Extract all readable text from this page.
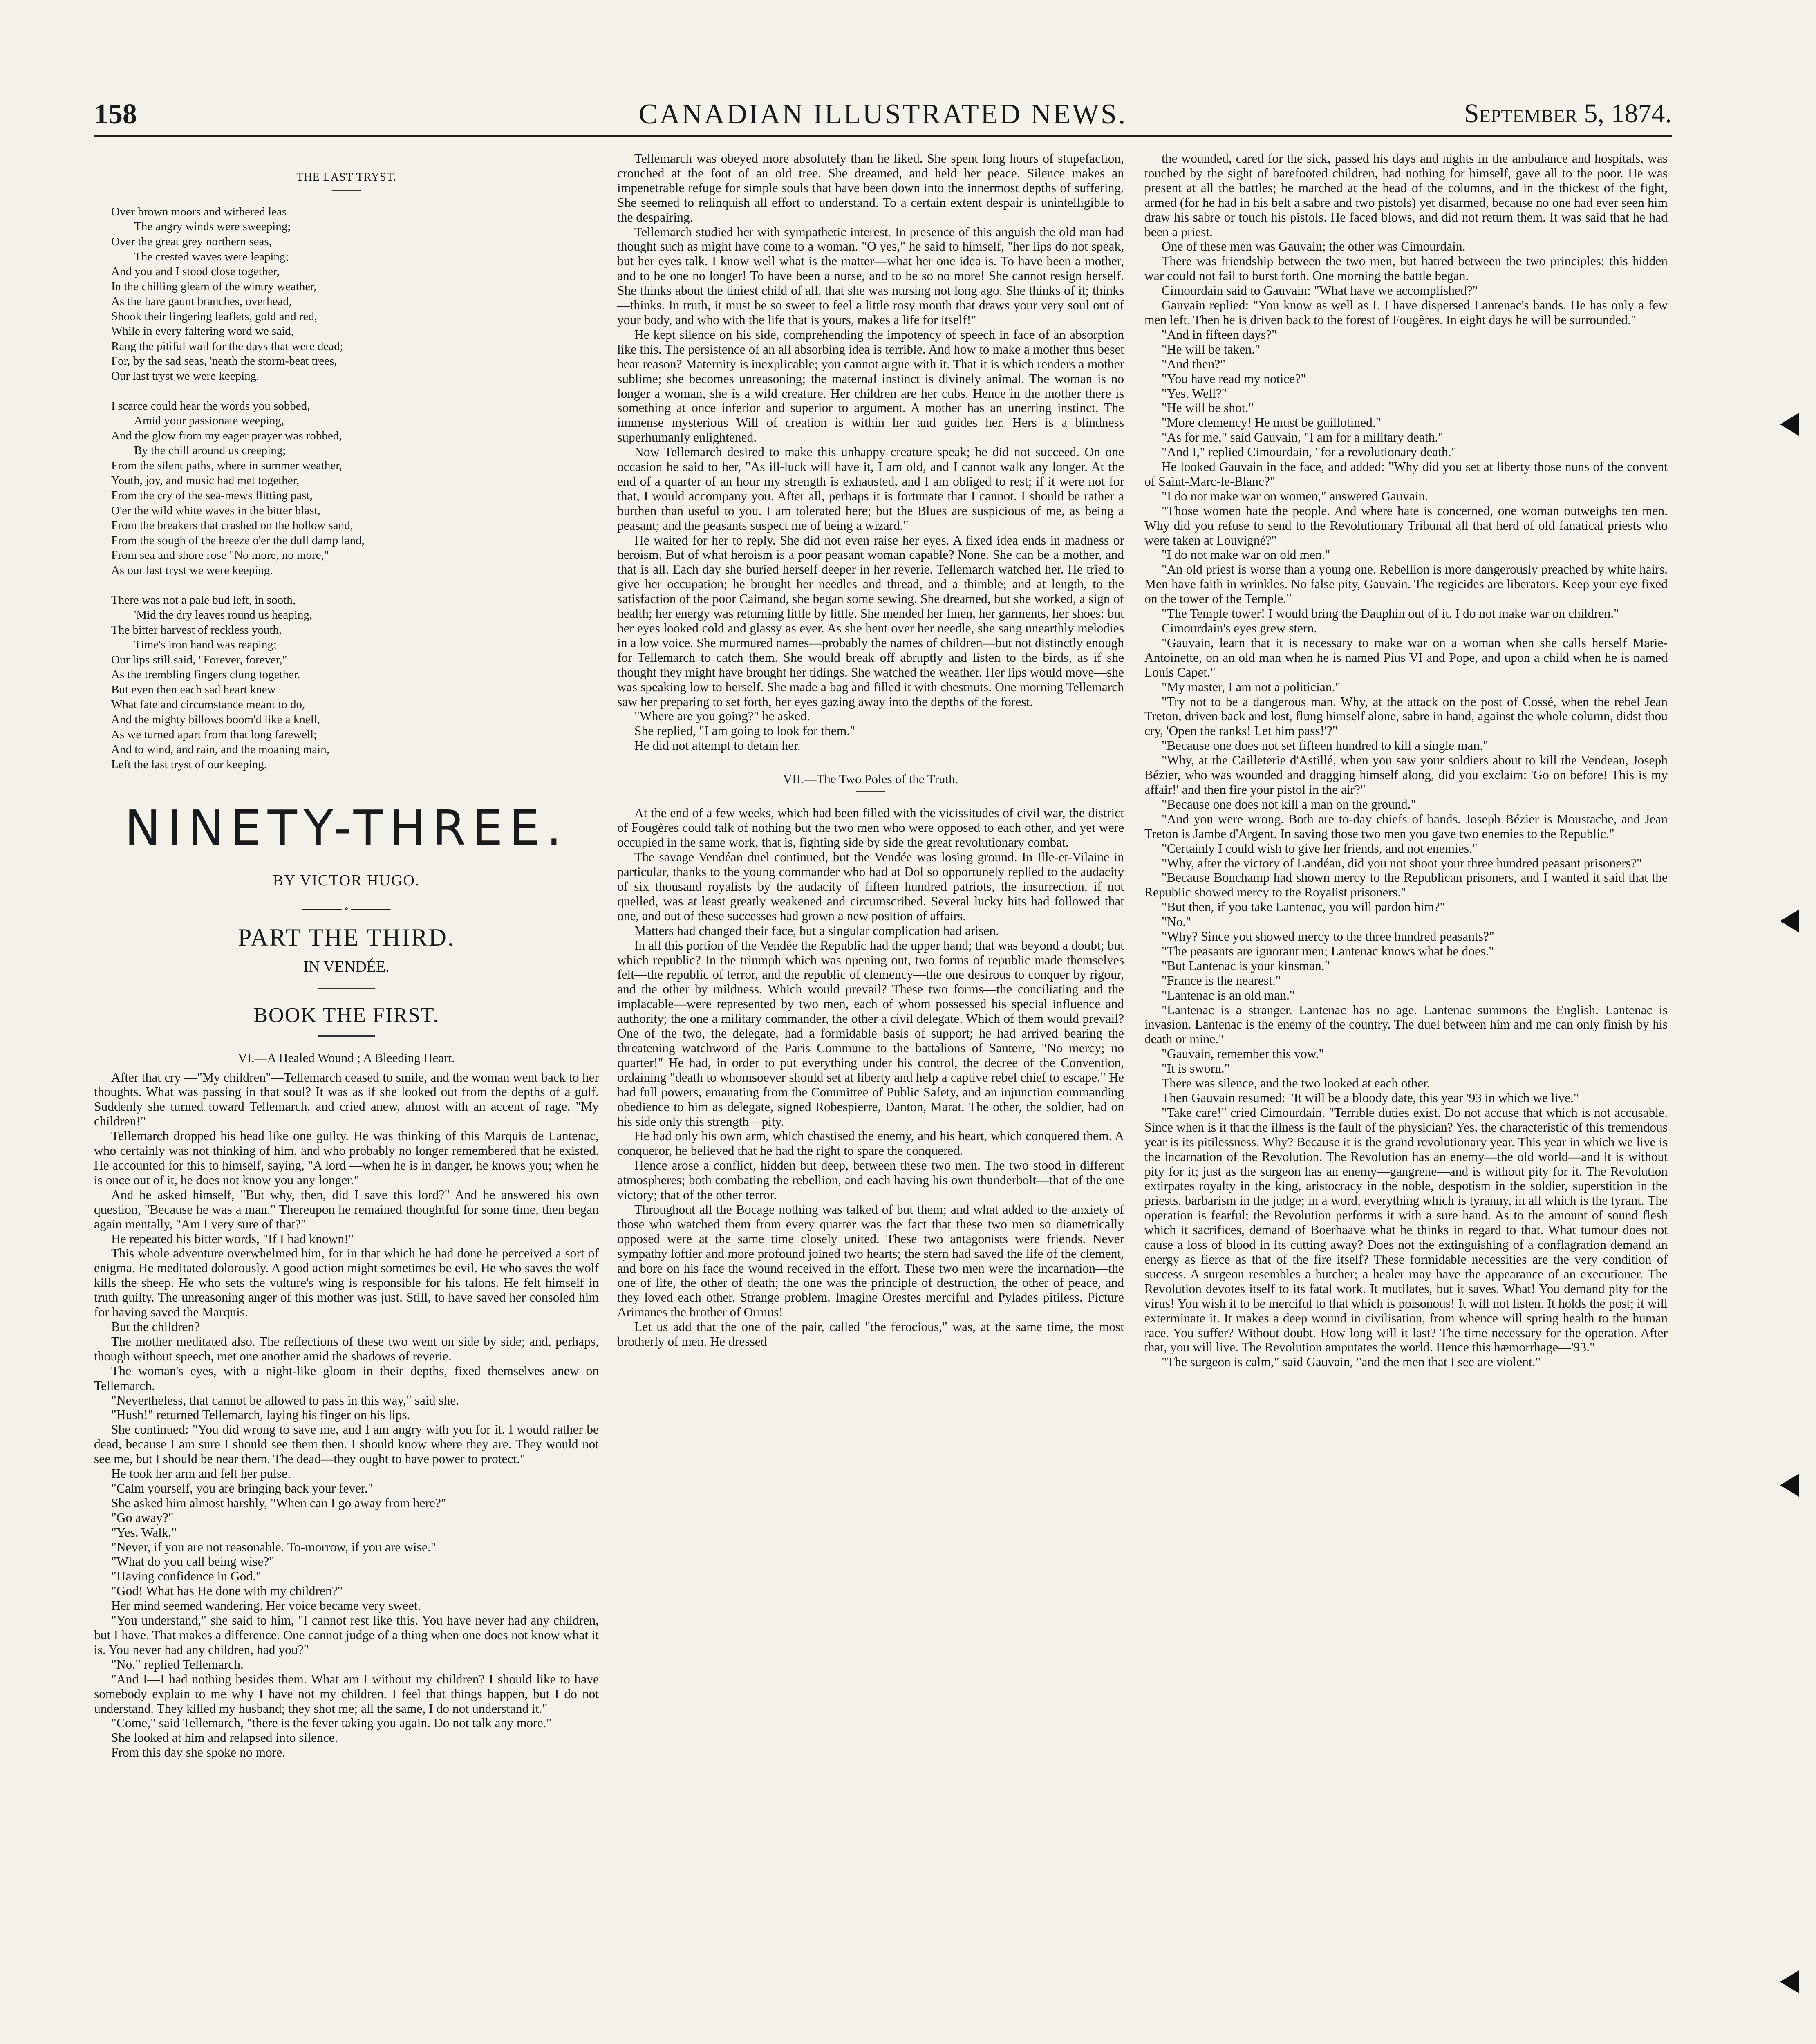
158	CANADIAN ILLUSTRATED NEWS.	September 5, 1874.
THE LAST TRYST.
Over brown moors and withered leas
The angry winds were sweeping;
Over the great grey northern seas,
The crested waves were leaping;
And you and I stood close together,
In the chilling gleam of the wintry weather,
As the bare gaunt branches, overhead,
Shook their lingering leaflets, gold and red,
While in every faltering word we said,
Rang the pitiful wail for the days that were dead;
For, by the sad seas, 'neath the storm-beat trees,
Our last tryst we were keeping.

I scarce could hear the words you sobbed,
Amid your passionate weeping,
And the glow from my eager prayer was robbed,
By the chill around us creeping;
From the silent paths, where in summer weather,
Youth, joy, and music had met together,
From the cry of the sea-mews flitting past,
O'er the wild white waves in the bitter blast,
From the breakers that crashed on the hollow sand,
From the sough of the breeze o'er the dull damp land,
From sea and shore rose "No more, no more,"
As our last tryst we were keeping.

There was not a pale bud left, in sooth,
'Mid the dry leaves round us heaping,
The bitter harvest of reckless youth,
Time's iron hand was reaping;
Our lips still said, "Forever, forever,"
As the trembling fingers clung together.
But even then each sad heart knew
What fate and circumstance meant to do,
And the mighty billows boom'd like a knell,
As we turned apart from that long farewell;
And to wind, and rain, and the moaning main,
Left the last tryst of our keeping.
NINETY-THREE.
BY VICTOR HUGO.
———— ∘ ————
PART THE THIRD.
IN VENDÉE.
BOOK THE FIRST.
VI.—A Healed Wound ; A Bleeding Heart.

After that cry —"My children"—Tellemarch ceased to smile, and the woman went back to her thoughts. What was passing in that soul? It was as if she looked out from the depths of a gulf. Suddenly she turned toward Tellemarch, and cried anew, almost with an accent of rage, "My children!"

Tellemarch dropped his head like one guilty. He was thinking of this Marquis de Lantenac, who certainly was not thinking of him, and who probably no longer remembered that he existed. He accounted for this to himself, saying, "A lord —when he is in danger, he knows you; when he is once out of it, he does not know you any longer."

And he asked himself, "But why, then, did I save this lord?" And he answered his own question, "Because he was a man." Thereupon he remained thoughtful for some time, then began again mentally, "Am I very sure of that?"

He repeated his bitter words, "If I had known!"

This whole adventure overwhelmed him, for in that which he had done he perceived a sort of enigma. He meditated dolorously. A good action might sometimes be evil. He who saves the wolf kills the sheep. He who sets the vulture's wing is responsible for his talons. He felt himself in truth guilty. The unreasoning anger of this mother was just. Still, to have saved her consoled him for having saved the Marquis.

But the children?

The mother meditated also. The reflections of these two went on side by side; and, perhaps, though without speech, met one another amid the shadows of reverie.

The woman's eyes, with a night-like gloom in their depths, fixed themselves anew on Tellemarch.

"Nevertheless, that cannot be allowed to pass in this way," said she.

"Hush!" returned Tellemarch, laying his finger on his lips.

She continued: "You did wrong to save me, and I am angry with you for it. I would rather be dead, because I am sure I should see them then. I should know where they are. They would not see me, but I should be near them. The dead—they ought to have power to protect."

He took her arm and felt her pulse.

"Calm yourself, you are bringing back your fever."

She asked him almost harshly, "When can I go away from here?"

"Go away?"

"Yes. Walk."

"Never, if you are not reasonable. To-morrow, if you are wise."

"What do you call being wise?"

"Having confidence in God."

"God! What has He done with my children?"

Her mind seemed wandering. Her voice became very sweet.

"You understand," she said to him, "I cannot rest like this. You have never had any children, but I have. That makes a difference. One cannot judge of a thing when one does not know what it is. You never had any children, had you?"

"No," replied Tellemarch.

"And I—I had nothing besides them. What am I without my children? I should like to have somebody explain to me why I have not my children. I feel that things happen, but I do not understand. They killed my husband; they shot me; all the same, I do not understand it."

"Come," said Tellemarch, "there is the fever taking you again. Do not talk any more."

She looked at him and relapsed into silence.

From this day she spoke no more.

Tellemarch was obeyed more absolutely than he liked. She spent long hours of stupefaction, crouched at the foot of an old tree. She dreamed, and held her peace. Silence makes an impenetrable refuge for simple souls that have been down into the innermost depths of suffering. She seemed to relinquish all effort to understand. To a certain extent despair is unintelligible to the despairing.

Tellemarch studied her with sympathetic interest. In presence of this anguish the old man had thought such as might have come to a woman. "O yes," he said to himself, "her lips do not speak, but her eyes talk. I know well what is the matter—what her one idea is. To have been a mother, and to be one no longer! To have been a nurse, and to be so no more! She cannot resign herself. She thinks about the tiniest child of all, that she was nursing not long ago. She thinks of it; thinks—thinks. In truth, it must be so sweet to feel a little rosy mouth that draws your very soul out of your body, and who with the life that is yours, makes a life for itself!"

He kept silence on his side, comprehending the impotency of speech in face of an absorption like this. The persistence of an all absorbing idea is terrible. And how to make a mother thus beset hear reason? Maternity is inexplicable; you cannot argue with it. That it is which renders a mother sublime; she becomes unreasoning; the maternal instinct is divinely animal. The woman is no longer a woman, she is a wild creature. Her children are her cubs. Hence in the mother there is something at once inferior and superior to argument. A mother has an unerring instinct. The immense mysterious Will of creation is within her and guides her. Hers is a blindness superhumanly enlightened.

Now Tellemarch desired to make this unhappy creature speak; he did not succeed. On one occasion he said to her, "As ill-luck will have it, I am old, and I cannot walk any longer. At the end of a quarter of an hour my strength is exhausted, and I am obliged to rest; if it were not for that, I would accompany you. After all, perhaps it is fortunate that I cannot. I should be rather a burthen than useful to you. I am tolerated here; but the Blues are suspicious of me, as being a peasant; and the peasants suspect me of being a wizard."

He waited for her to reply. She did not even raise her eyes. A fixed idea ends in madness or heroism. But of what heroism is a poor peasant woman capable? None. She can be a mother, and that is all. Each day she buried herself deeper in her reverie. Tellemarch watched her. He tried to give her occupation; he brought her needles and thread, and a thimble; and at length, to the satisfaction of the poor Caimand, she began some sewing. She dreamed, but she worked, a sign of health; her energy was returning little by little. She mended her linen, her garments, her shoes: but her eyes looked cold and glassy as ever. As she bent over her needle, she sang unearthly melodies in a low voice. She murmured names—probably the names of children—but not distinctly enough for Tellemarch to catch them. She would break off abruptly and listen to the birds, as if she thought they might have brought her tidings. She watched the weather. Her lips would move—she was speaking low to herself. She made a bag and filled it with chestnuts. One morning Tellemarch saw her preparing to set forth, her eyes gazing away into the depths of the forest.

"Where are you going?" he asked.

She replied, "I am going to look for them."

He did not attempt to detain her.

VII.—The Two Poles of the Truth.

At the end of a few weeks, which had been filled with the vicissitudes of civil war, the district of Fougères could talk of nothing but the two men who were opposed to each other, and yet were occupied in the same work, that is, fighting side by side the great revolutionary combat.

The savage Vendéan duel continued, but the Vendée was losing ground. In Ille-et-Vilaine in particular, thanks to the young commander who had at Dol so opportunely replied to the audacity of six thousand royalists by the audacity of fifteen hundred patriots, the insurrection, if not quelled, was at least greatly weakened and circumscribed. Several lucky hits had followed that one, and out of these successes had grown a new position of affairs.

Matters had changed their face, but a singular complication had arisen.

In all this portion of the Vendée the Republic had the upper hand; that was beyond a doubt; but which republic? In the triumph which was opening out, two forms of republic made themselves felt—the republic of terror, and the republic of clemency—the one desirous to conquer by rigour, and the other by mildness. Which would prevail? These two forms—the conciliating and the implacable—were represented by two men, each of whom possessed his special influence and authority; the one a military commander, the other a civil delegate. Which of them would prevail? One of the two, the delegate, had a formidable basis of support; he had arrived bearing the threatening watchword of the Paris Commune to the battalions of Santerre, "No mercy; no quarter!" He had, in order to put everything under his control, the decree of the Convention, ordaining "death to whomsoever should set at liberty and help a captive rebel chief to escape." He had full powers, emanating from the Committee of Public Safety, and an injunction commanding obedience to him as delegate, signed Robespierre, Danton, Marat. The other, the soldier, had on his side only this strength—pity.

He had only his own arm, which chastised the enemy, and his heart, which conquered them. A conqueror, he believed that he had the right to spare the conquered.

Hence arose a conflict, hidden but deep, between these two men. The two stood in different atmospheres; both combating the rebellion, and each having his own thunderbolt—that of the one victory; that of the other terror.

Throughout all the Bocage nothing was talked of but them; and what added to the anxiety of those who watched them from every quarter was the fact that these two men so diametrically opposed were at the same time closely united. These two antagonists were friends. Never sympathy loftier and more profound joined two hearts; the stern had saved the life of the clement, and bore on his face the wound received in the effort. These two men were the incarnation—the one of life, the other of death; the one was the principle of destruction, the other of peace, and they loved each other. Strange problem. Imagine Orestes merciful and Pylades pitiless. Picture Arimanes the brother of Ormus!

Let us add that the one of the pair, called "the ferocious," was, at the same time, the most brotherly of men. He dressed

the wounded, cared for the sick, passed his days and nights in the ambulance and hospitals, was touched by the sight of barefooted children, had nothing for himself, gave all to the poor. He was present at all the battles; he marched at the head of the columns, and in the thickest of the fight, armed (for he had in his belt a sabre and two pistols) yet disarmed, because no one had ever seen him draw his sabre or touch his pistols. He faced blows, and did not return them. It was said that he had been a priest.

One of these men was Gauvain; the other was Cimourdain.

There was friendship between the two men, but hatred between the two principles; this hidden war could not fail to burst forth. One morning the battle began.

Cimourdain said to Gauvain: "What have we accomplished?"

Gauvain replied: "You know as well as I. I have dispersed Lantenac's bands. He has only a few men left. Then he is driven back to the forest of Fougères. In eight days he will be surrounded."

"And in fifteen days?"

"He will be taken."

"And then?"

"You have read my notice?"

"Yes. Well?"

"He will be shot."

"More clemency! He must be guillotined."

"As for me," said Gauvain, "I am for a military death."

"And I," replied Cimourdain, "for a revolutionary death."

He looked Gauvain in the face, and added: "Why did you set at liberty those nuns of the convent of Saint-Marc-le-Blanc?"

"I do not make war on women," answered Gauvain.

"Those women hate the people. And where hate is concerned, one woman outweighs ten men. Why did you refuse to send to the Revolutionary Tribunal all that herd of old fanatical priests who were taken at Louvigné?"

"I do not make war on old men."

"An old priest is worse than a young one. Rebellion is more dangerously preached by white hairs. Men have faith in wrinkles. No false pity, Gauvain. The regicides are liberators. Keep your eye fixed on the tower of the Temple."

"The Temple tower! I would bring the Dauphin out of it. I do not make war on children."

Cimourdain's eyes grew stern.

"Gauvain, learn that it is necessary to make war on a woman when she calls herself Marie-Antoinette, on an old man when he is named Pius VI and Pope, and upon a child when he is named Louis Capet."

"My master, I am not a politician."

"Try not to be a dangerous man. Why, at the attack on the post of Cossé, when the rebel Jean Treton, driven back and lost, flung himself alone, sabre in hand, against the whole column, didst thou cry, 'Open the ranks! Let him pass!'?"

"Because one does not set fifteen hundred to kill a single man."

"Why, at the Cailleterie d'Astillé, when you saw your soldiers about to kill the Vendean, Joseph Bézier, who was wounded and dragging himself along, did you exclaim: 'Go on before! This is my affair!' and then fire your pistol in the air?"

"Because one does not kill a man on the ground."

"And you were wrong. Both are to-day chiefs of bands. Joseph Bézier is Moustache, and Jean Treton is Jambe d'Argent. In saving those two men you gave two enemies to the Republic."

"Certainly I could wish to give her friends, and not enemies."

"Why, after the victory of Landéan, did you not shoot your three hundred peasant prisoners?"

"Because Bonchamp had shown mercy to the Republican prisoners, and I wanted it said that the Republic showed mercy to the Royalist prisoners."

"But then, if you take Lantenac, you will pardon him?"

"No."

"Why? Since you showed mercy to the three hundred peasants?"

"The peasants are ignorant men; Lantenac knows what he does."

"But Lantenac is your kinsman."

"France is the nearest."

"Lantenac is an old man."

"Lantenac is a stranger. Lantenac has no age. Lantenac summons the English. Lantenac is invasion. Lantenac is the enemy of the country. The duel between him and me can only finish by his death or mine."

"Gauvain, remember this vow."

"It is sworn."

There was silence, and the two looked at each other.

Then Gauvain resumed: "It will be a bloody date, this year '93 in which we live."

"Take care!" cried Cimourdain. "Terrible duties exist. Do not accuse that which is not accusable. Since when is it that the illness is the fault of the physician? Yes, the characteristic of this tremendous year is its pitilessness. Why? Because it is the grand revolutionary year. This year in which we live is the incarnation of the Revolution. The Revolution has an enemy—the old world—and it is without pity for it; just as the surgeon has an enemy—gangrene—and is without pity for it. The Revolution extirpates royalty in the king, aristocracy in the noble, despotism in the soldier, superstition in the priests, barbarism in the judge; in a word, everything which is tyranny, in all which is the tyrant. The operation is fearful; the Revolution performs it with a sure hand. As to the amount of sound flesh which it sacrifices, demand of Boerhaave what he thinks in regard to that. What tumour does not cause a loss of blood in its cutting away? Does not the extinguishing of a conflagration demand an energy as fierce as that of the fire itself? These formidable necessities are the very condition of success. A surgeon resembles a butcher; a healer may have the appearance of an executioner. The Revolution devotes itself to its fatal work. It mutilates, but it saves. What! You demand pity for the virus! You wish it to be merciful to that which is poisonous! It will not listen. It holds the post; it will exterminate it. It makes a deep wound in civilisation, from whence will spring health to the human race. You suffer? Without doubt. How long will it last? The time necessary for the operation. After that, you will live. The Revolution amputates the world. Hence this hæmorrhage—'93."

"The surgeon is calm," said Gauvain, "and the men that I see are violent."
